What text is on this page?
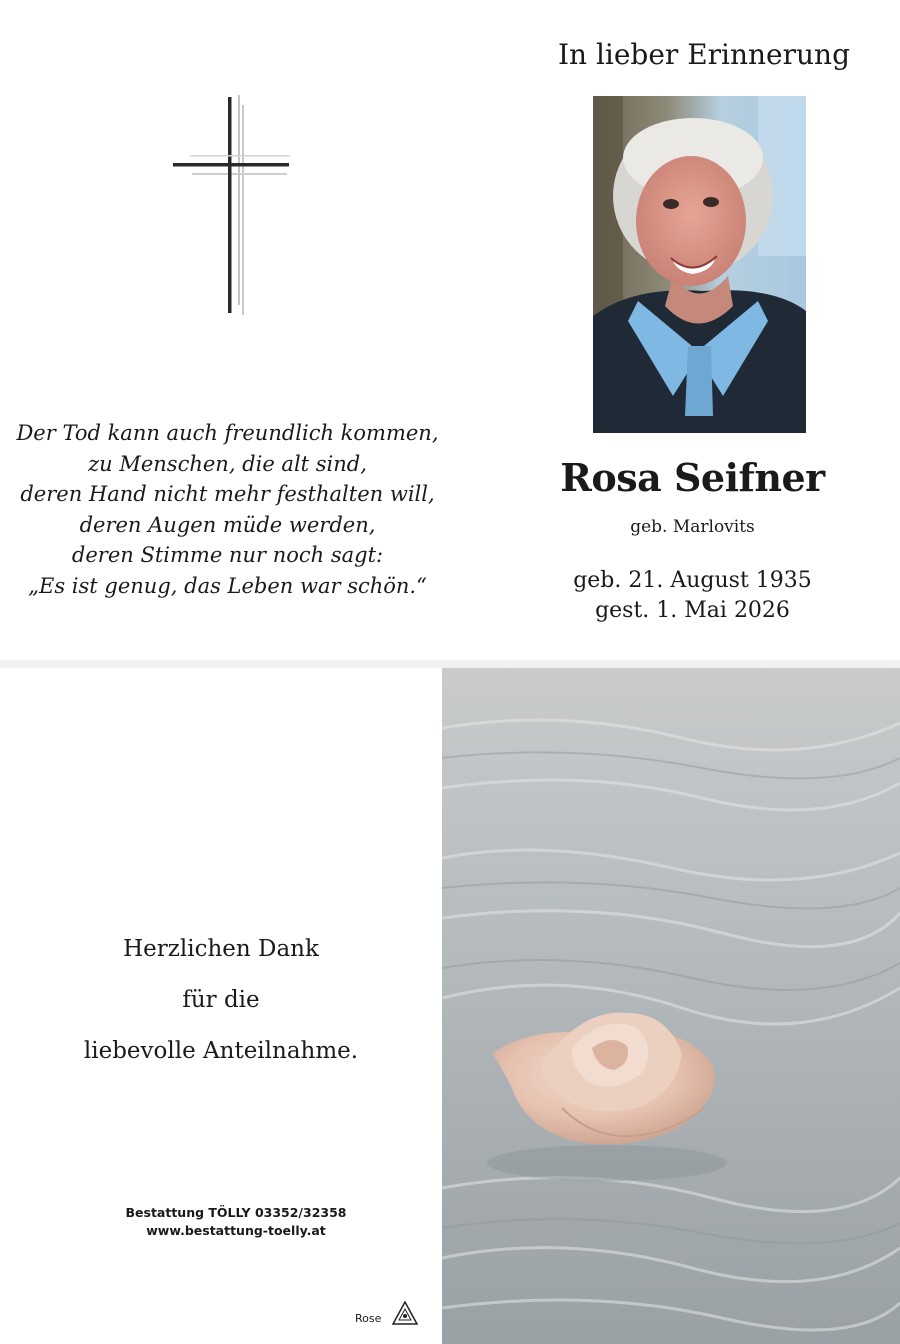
Der Tod kann auch freundlich kommen,
zu Menschen, die alt sind,
deren Hand nicht mehr festhalten will,
deren Augen müde werden,
deren Stimme nur noch sagt:
„Es ist genug, das Leben war schön.“
In lieber Erinnerung
Rosa Seifner
geb. Marlovits
geb. 21. August 1935
gest. 1. Mai 2026
Herzlichen Dank
für die
liebevolle Anteilnahme.
Bestattung TÖLLY 03352/32358
www.bestattung-toelly.at
Rose
